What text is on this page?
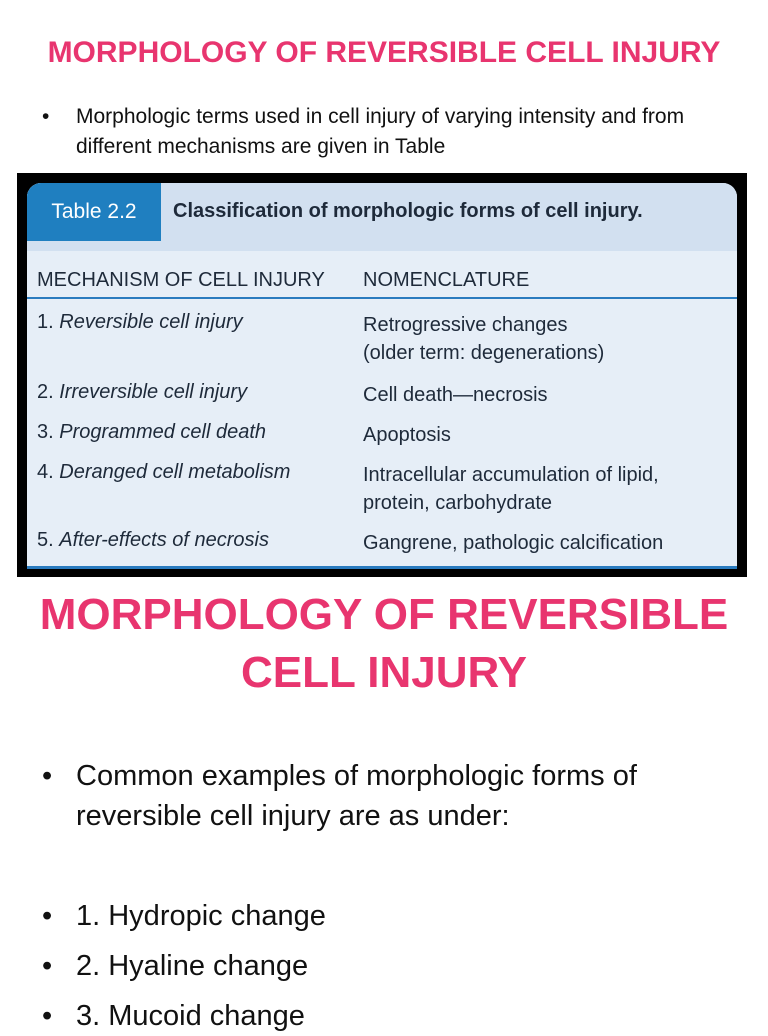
MORPHOLOGY OF REVERSIBLE CELL INJURY
• Morphologic terms used in cell injury of varying intensity and from different mechanisms are given in Table
Table 2.2	Classification of morphologic forms of cell injury.
MECHANISM OF CELL INJURY NOMENCLATURE
1. Reversible cell injury	Retrogressive changes
(older term: degenerations)
2. Irreversible cell injury	Cell death—necrosis
3. Programmed cell death	Apoptosis
4. Deranged cell metabolism	Intracellular accumulation of lipid,
protein, carbohydrate
5. After-effects of necrosis	Gangrene, pathologic calcification
MORPHOLOGY OF REVERSIBLE
CELL INJURY
• Common examples of morphologic forms of reversible cell injury are as under:
• 1. Hydropic change
• 2. Hyaline change
• 3. Mucoid change
